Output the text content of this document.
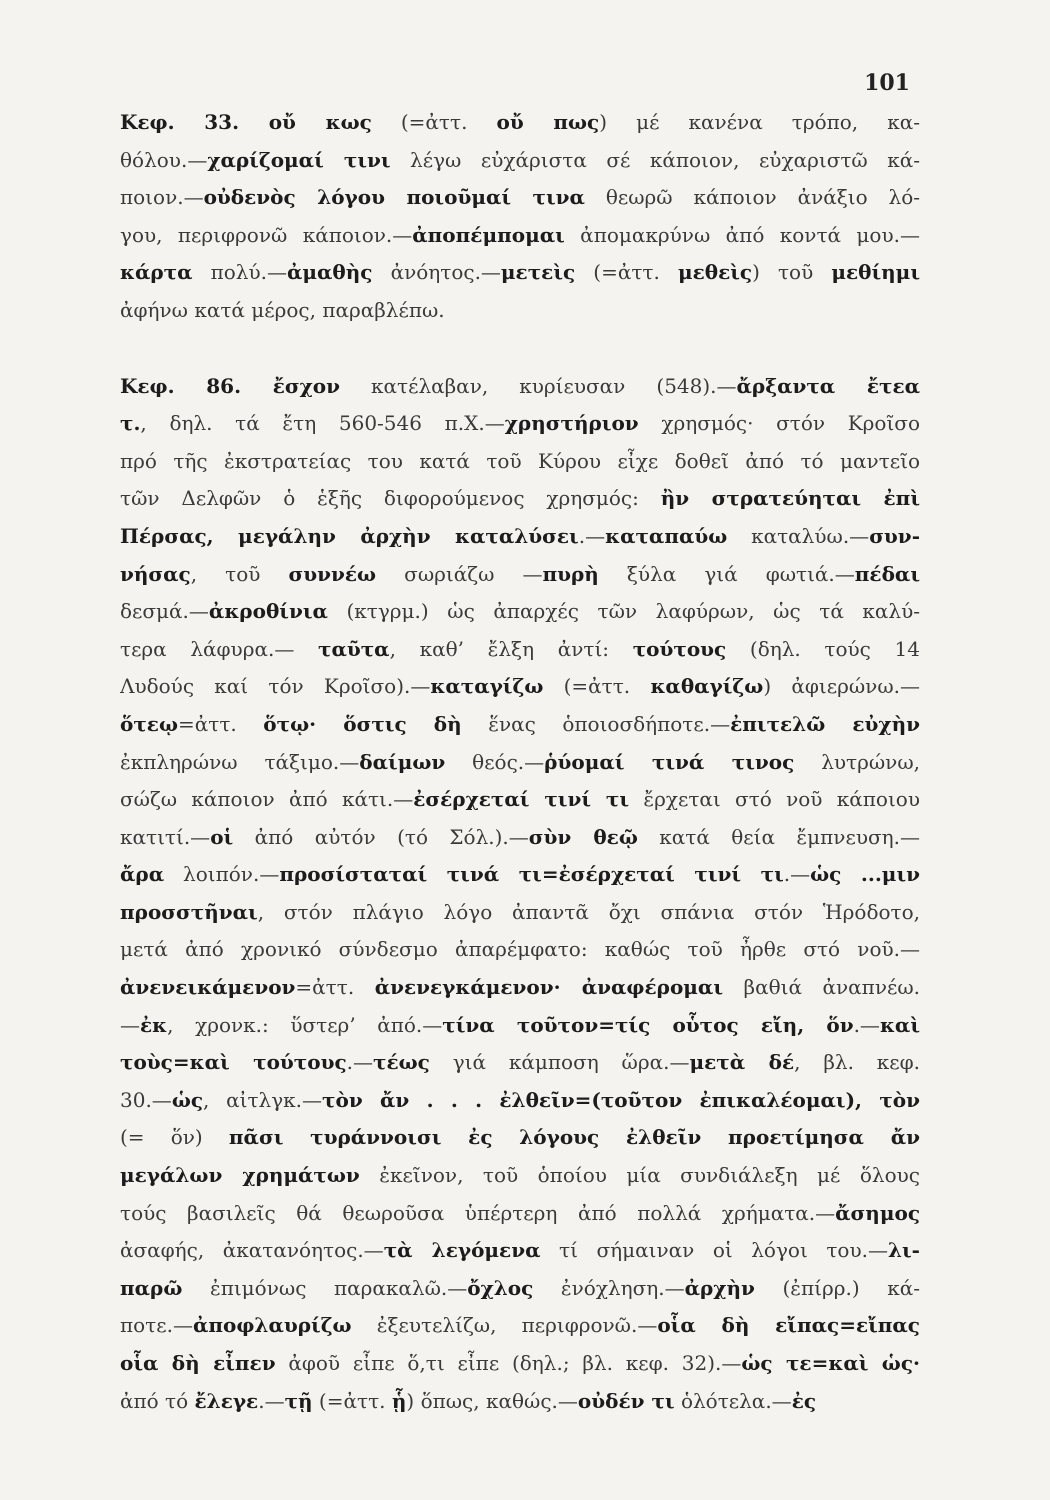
101
Κεφ. 33. οὔ κως (=ἀττ. οὔ πως) μέ κανένα τρόπο, κα-
θόλου.—χαρίζομαί τινι λέγω εὐχάριστα σέ κάποιον, εὐχαριστῶ κά-
ποιον.—οὐδενὸς λόγου ποιοῦμαί τινα θεωρῶ κάποιον ἀνάξιο λό-
γου, περιφρονῶ κάποιον.—ἀποπέμπομαι ἀπομακρύνω ἀπό κοντά μου.—
κάρτα πολύ.—ἀμαθὴς ἀνόητος.—μετεὶς (=ἀττ. μεθεὶς) τοῦ μεθίημι
ἀφήνω κατά μέρος, παραβλέπω.
Κεφ. 86. ἔσχον κατέλαβαν, κυρίευσαν (548).—ἄρξαντα ἔτεα
τ., δηλ. τά ἔτη 560-546 π.Χ.—χρηστήριον χρησμός· στόν Κροῖσο
πρό τῆς ἐκστρατείας του κατά τοῦ Κύρου εἶχε δοθεῖ ἀπό τό μαντεῖο
τῶν Δελφῶν ὁ ἑξῆς διφορούμενος χρησμός: ἢν στρατεύηται ἐπὶ
Πέρσας, μεγάλην ἀρχὴν καταλύσει.—καταπαύω καταλύω.—συν-
νήσας, τοῦ συννέω σωριάζω —πυρὴ ξύλα γιά φωτιά.—πέδαι
δεσμά.—ἀκροθίνια (κτγρμ.) ὡς ἀπαρχές τῶν λαφύρων, ὡς τά καλύ-
τερα λάφυρα.— ταῦτα, καθ’ ἔλξη ἀντί: τούτους (δηλ. τούς 14
Λυδούς καί τόν Κροῖσο).—καταγίζω (=ἀττ. καθαγίζω) ἀφιερώνω.—
ὅτεῳ=ἀττ. ὅτῳ· ὅστις δὴ ἕνας ὁποιοσδήποτε.—ἐπιτελῶ εὐχὴν
ἐκπληρώνω τάξιμο.—δαίμων θεός.—ῥύομαί τινά τινος λυτρώνω,
σώζω κάποιον ἀπό κάτι.—ἐσέρχεταί τινί τι ἔρχεται στό νοῦ κάποιου
κατιτί.—οἱ ἀπό αὐτόν (τό Σόλ.).—σὺν θεῷ κατά θεία ἔμπνευση.—
ἄρα λοιπόν.—προσίσταταί τινά τι=ἐσέρχεταί τινί τι.—ὡς ...μιν
προσστῆναι, στόν πλάγιο λόγο ἀπαντᾶ ὄχι σπάνια στόν Ἡρόδοτο,
μετά ἀπό χρονικό σύνδεσμο ἀπαρέμφατο: καθώς τοῦ ἦρθε στό νοῦ.—
ἀνενεικάμενον=ἀττ. ἀνενεγκάμενον· ἀναφέρομαι βαθιά ἀναπνέω.
—ἐκ, χρονκ.: ὕστερ’ ἀπό.—τίνα τοῦτον=τίς οὗτος εἴη, ὅν.—καὶ
τοὺς=καὶ τούτους.—τέως γιά κάμποση ὥρα.—μετὰ δέ, βλ. κεφ.
30.—ὡς, αἰτλγκ.—τὸν ἄν . . . ἐλθεῖν=(τοῦτον ἐπικαλέομαι), τὸν
(= ὅν) πᾶσι τυράννοισι ἐς λόγους ἐλθεῖν προετίμησα ἄν
μεγάλων χρημάτων ἐκεῖνον, τοῦ ὁποίου μία συνδιάλεξη μέ ὅλους
τούς βασιλεῖς θά θεωροῦσα ὑπέρτερη ἀπό πολλά χρήματα.—ἄσημος
ἀσαφής, ἀκατανόητος.—τὰ λεγόμενα τί σήμαιναν οἱ λόγοι του.—λι-
παρῶ ἐπιμόνως παρακαλῶ.—ὄχλος ἐνόχληση.—ἀρχὴν (ἐπίρρ.) κά-
ποτε.—ἀποφλαυρίζω ἐξευτελίζω, περιφρονῶ.—οἷα δὴ εἴπας=εἴπας
οἷα δὴ εἶπεν ἀφοῦ εἶπε ὅ,τι εἶπε (δηλ.; βλ. κεφ. 32).—ὡς τε=καὶ ὡς·
ἀπό τό ἔλεγε.—τῇ (=ἀττ. ᾗ) ὅπως, καθώς.—οὐδέν τι ὁλότελα.—ἐς
